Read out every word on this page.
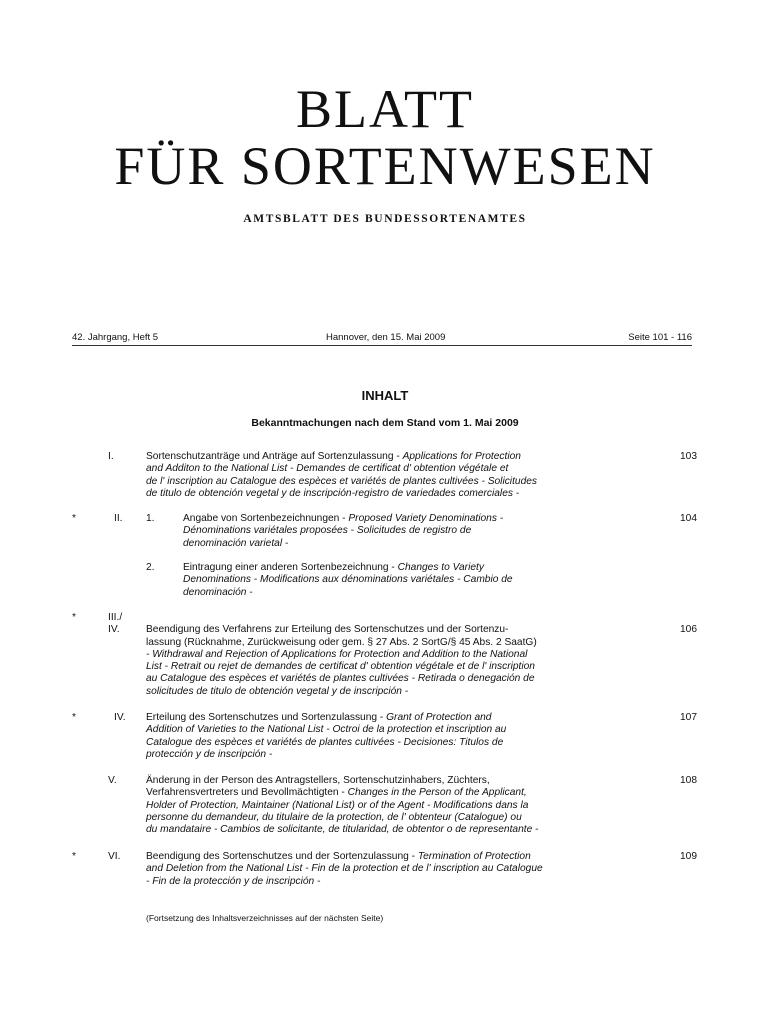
BLATT
FÜR SORTENWESEN
AMTSBLATT DES BUNDESSORTENAMTES
42. Jahrgang, Heft 5	Hannover, den 15. Mai 2009	Seite 101 - 116
INHALT
Bekanntmachungen nach dem Stand vom 1. Mai 2009
I.	Sortenschutzanträge und Anträge auf Sortenzulassung - Applications for Protection
and Additon to the National List - Demandes de certificat d' obtention végétale et
de l' inscription au Catalogue des espèces et variétés de plantes cultivées - Solicitudes
de titulo de obtención vegetal y de inscripción-registro de variedades comerciales -
103
*	II. 1.	Angabe von Sortenbezeichnungen - Proposed Variety Denominations -
Dénominations variétales proposées - Solicitudes de registro de
denominación varietal -
104
2.	Eintragung einer anderen Sortenbezeichnung - Changes to Variety
Denominations - Modifications aux dénominations variétales - Cambio de
denominación -
*	III./
IV.	Beendigung des Verfahrens zur Erteilung des Sortenschutzes und der Sortenzu-
lassung (Rücknahme, Zurückweisung oder gem. § 27 Abs. 2 SortG/§ 45 Abs. 2 SaatG)
- Withdrawal and Rejection of Applications for Protection and Addition to the National
List - Retrait ou rejet de demandes de certificat d' obtention végétale et de l' inscription
au Catalogue des espèces et variétés de plantes cultivées - Retirada o denegación de
solicitudes de titulo de obtención vegetal y de inscripción -
106
*	IV. Erteilung des Sortenschutzes und Sortenzulassung - Grant of Protection and
Addition of Varieties to the National List - Octroi de la protection et inscription au
Catalogue des espèces et variétés de plantes cultivées - Decisiones: Titulos de
protección y de inscripción -
107
V.	Änderung in der Person des Antragstellers, Sortenschutzinhabers, Züchters,
Verfahrensvertreters und Bevollmächtigten - Changes in the Person of the Applicant,
Holder of Protection, Maintainer (National List) or of the Agent - Modifications dans la
personne du demandeur, du titulaire de la protection, de l' obtenteur (Catalogue) ou
du mandataire - Cambios de solicitante, de titularidad, de obtentor o de representante -
108
*	VI.	Beendigung des Sortenschutzes und der Sortenzulassung - Termination of Protection
and Deletion from the National List - Fin de la protection et de l' inscription au Catalogue
- Fin de la protección y de inscripción -
109
(Fortsetzung des Inhaltsverzeichnisses auf der nächsten Seite)
